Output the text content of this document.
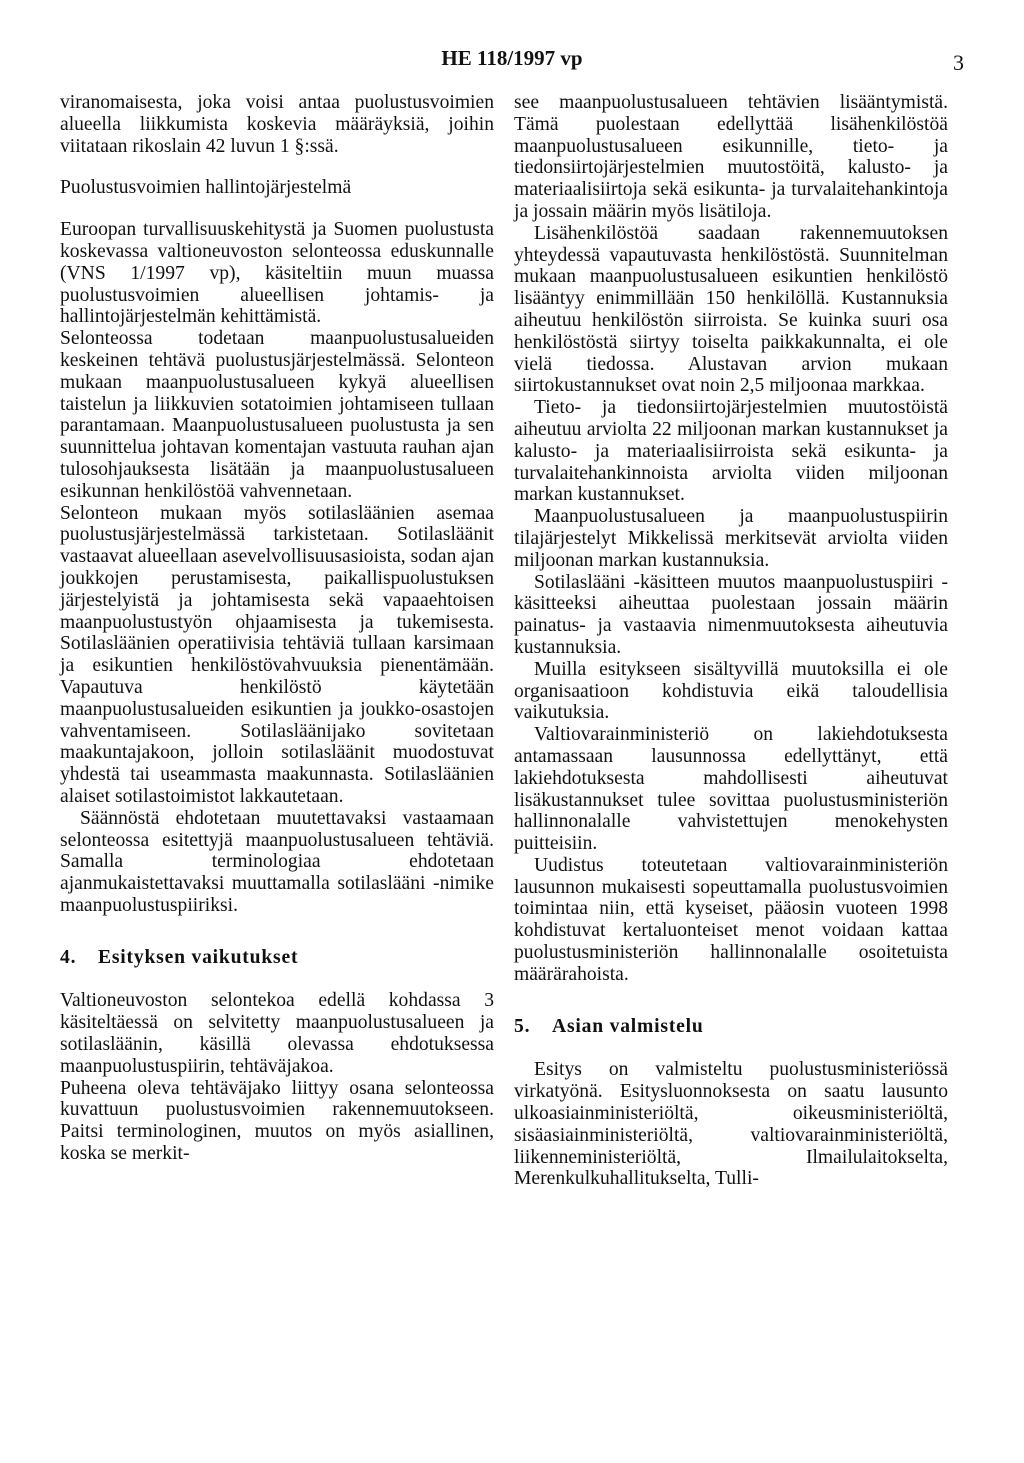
HE 118/1997 vp	3

viranomaisesta, joka voisi antaa puolustusvoimien alueella liikkumista koskevia määräyksiä, joihin viitataan rikoslain 42 luvun 1 §:ssä.

Puolustusvoimien hallintojärjestelmä

Euroopan turvallisuuskehitystä ja Suomen puolustusta koskevassa valtioneuvoston selonteossa eduskunnalle (VNS 1/1997 vp), käsiteltiin muun muassa puolustusvoimien alueellisen johtamis- ja hallintojärjestelmän kehittämistä.

Selonteossa todetaan maanpuolustusalueiden keskeinen tehtävä puolustusjärjestelmässä. Selonteon mukaan maanpuolustusalueen kykyä alueellisen taistelun ja liikkuvien sotatoimien johtamiseen tullaan parantamaan. Maanpuolustusalueen puolustusta ja sen suunnittelua johtavan komentajan vastuuta rauhan ajan tulosohjauksesta lisätään ja maanpuolustusalueen esikunnan henkilöstöä vahvennetaan.

Selonteon mukaan myös sotilasläänien asemaa puolustusjärjestelmässä tarkistetaan. Sotilasläänit vastaavat alueellaan asevelvollisuusasioista, sodan ajan joukkojen perustamisesta, paikallispuolustuksen järjestelyistä ja johtamisesta sekä vapaaehtoisen maanpuolustustyön ohjaamisesta ja tukemisesta. Sotilasläänien operatiivisia tehtäviä tullaan karsimaan ja esikuntien henkilöstövahvuuksia pienentämään. Vapautuva henkilöstö käytetään maanpuolustusalueiden esikuntien ja joukko-osastojen vahventamiseen. Sotilasläänijako sovitetaan maakuntajakoon, jolloin sotilasläänit muodostuvat yhdestä tai useammasta maakunnasta. Sotilasläänien alaiset sotilastoimistot lakkautetaan.

Säännöstä ehdotetaan muutettavaksi vastaamaan selonteossa esitettyjä maanpuolustusalueen tehtäviä. Samalla terminologiaa ehdotetaan ajanmukaistettavaksi muuttamalla sotilaslääni -nimike maanpuolustuspiiriksi.

4. Esityksen vaikutukset

Valtioneuvoston selontekoa edellä kohdassa 3 käsiteltäessä on selvitetty maanpuolustusalueen ja sotilasläänin, käsillä olevassa ehdotuksessa maanpuolustuspiirin, tehtäväjakoa.

Puheena oleva tehtäväjako liittyy osana selonteossa kuvattuun puolustusvoimien rakennemuutokseen. Paitsi terminologinen, muutos on myös asiallinen, koska se merkit-

see maanpuolustusalueen tehtävien lisääntymistä. Tämä puolestaan edellyttää lisähenkilöstöä maanpuolustusalueen esikunnille, tieto- ja tiedonsiirtojärjestelmien muutostöitä, kalusto- ja materiaalisiirtoja sekä esikunta- ja turvalaitehankintoja ja jossain määrin myös lisätiloja.

Lisähenkilöstöä saadaan rakennemuutoksen yhteydessä vapautuvasta henkilöstöstä. Suunnitelman mukaan maanpuolustusalueen esikuntien henkilöstö lisääntyy enimmillään 150 henkilöllä. Kustannuksia aiheutuu henkilöstön siirroista. Se kuinka suuri osa henkilöstöstä siirtyy toiselta paikkakunnalta, ei ole vielä tiedossa. Alustavan arvion mukaan siirtokustannukset ovat noin 2,5 miljoonaa markkaa.

Tieto- ja tiedonsiirtojärjestelmien muutostöistä aiheutuu arviolta 22 miljoonan markan kustannukset ja kalusto- ja materiaalisiirroista sekä esikunta- ja turvalaitehankinnoista arviolta viiden miljoonan markan kustannukset.

Maanpuolustusalueen ja maanpuolustuspiirin tilajärjestelyt Mikkelissä merkitsevät arviolta viiden miljoonan markan kustannuksia.

Sotilaslääni -käsitteen muutos maanpuolustuspiiri -käsitteeksi aiheuttaa puolestaan jossain määrin painatus- ja vastaavia nimenmuutoksesta aiheutuvia kustannuksia.

Muilla esitykseen sisältyvillä muutoksilla ei ole organisaatioon kohdistuvia eikä taloudellisia vaikutuksia.

Valtiovarainministeriö on lakiehdotuksesta antamassaan lausunnossa edellyttänyt, että lakiehdotuksesta mahdollisesti aiheutuvat lisäkustannukset tulee sovittaa puolustusministeriön hallinnonalalle vahvistettujen menokehysten puitteisiin.

Uudistus toteutetaan valtiovarainministeriön lausunnon mukaisesti sopeuttamalla puolustusvoimien toimintaa niin, että kyseiset, pääosin vuoteen 1998 kohdistuvat kertaluonteiset menot voidaan kattaa puolustusministeriön hallinnonalalle osoitetuista määrärahoista.

5. Asian valmistelu

Esitys on valmisteltu puolustusministeriössä virkatyönä. Esitysluonnoksesta on saatu lausunto ulkoasiainministeriöltä, oikeusministeriöltä, sisäasiainministeriöltä, valtiovarainministeriöltä, liikenneministeriöltä, Ilmailulaitokselta, Merenkulkuhallitukselta, Tulli-
